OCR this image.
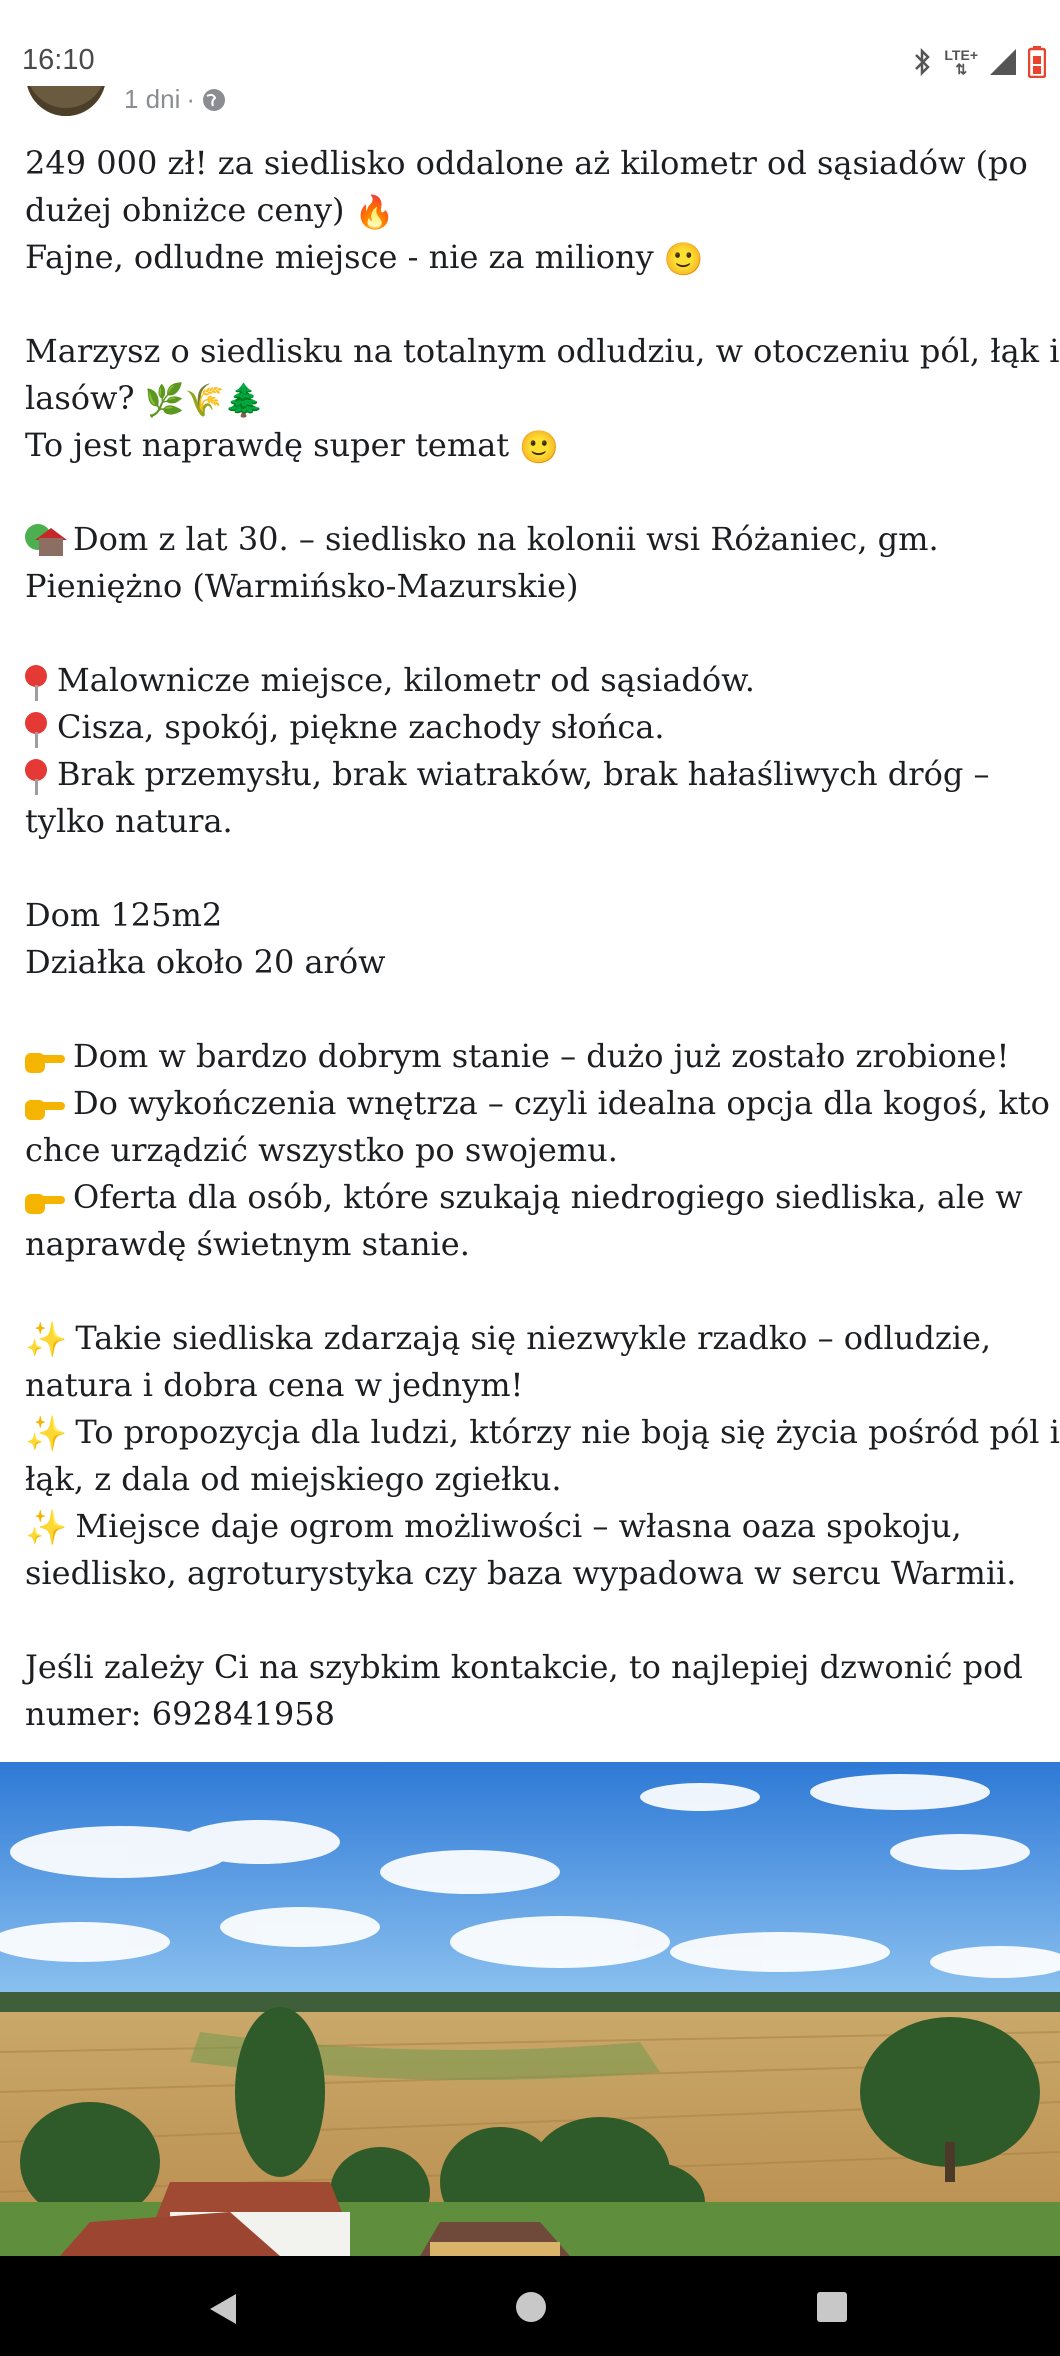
16:10	LTE+
⇅
1 dni ·
249 000 zł! za siedlisko oddalone aż kilometr od sąsiadów (po
dużej obniżce ceny) 🔥
Fajne, odludne miejsce - nie za miliony 🙂
Marzysz o siedlisku na totalnym odludziu, w otoczeniu pól, łąk i
lasów? 🌿🌾🌲
To jest naprawdę super temat 🙂
Dom z lat 30. – siedlisko na kolonii wsi Różaniec, gm.
Pieniężno (Warmińsko-Mazurskie)
Malownicze miejsce, kilometr od sąsiadów.
Cisza, spokój, piękne zachody słońca.
Brak przemysłu, brak wiatraków, brak hałaśliwych dróg –
tylko natura.
Dom 125m2
Działka około 20 arów
Dom w bardzo dobrym stanie – dużo już zostało zrobione!
Do wykończenia wnętrza – czyli idealna opcja dla kogoś, kto
chce urządzić wszystko po swojemu.
Oferta dla osób, które szukają niedrogiego siedliska, ale w
naprawdę świetnym stanie.
✨ Takie siedliska zdarzają się niezwykle rzadko – odludzie,
natura i dobra cena w jednym!
✨ To propozycja dla ludzi, którzy nie boją się życia pośród pól i
łąk, z dala od miejskiego zgiełku.
✨ Miejsce daje ogrom możliwości – własna oaza spokoju,
siedlisko, agroturystyka czy baza wypadowa w sercu Warmii.
Jeśli zależy Ci na szybkim kontakcie, to najlepiej dzwonić pod
numer: 692841958
